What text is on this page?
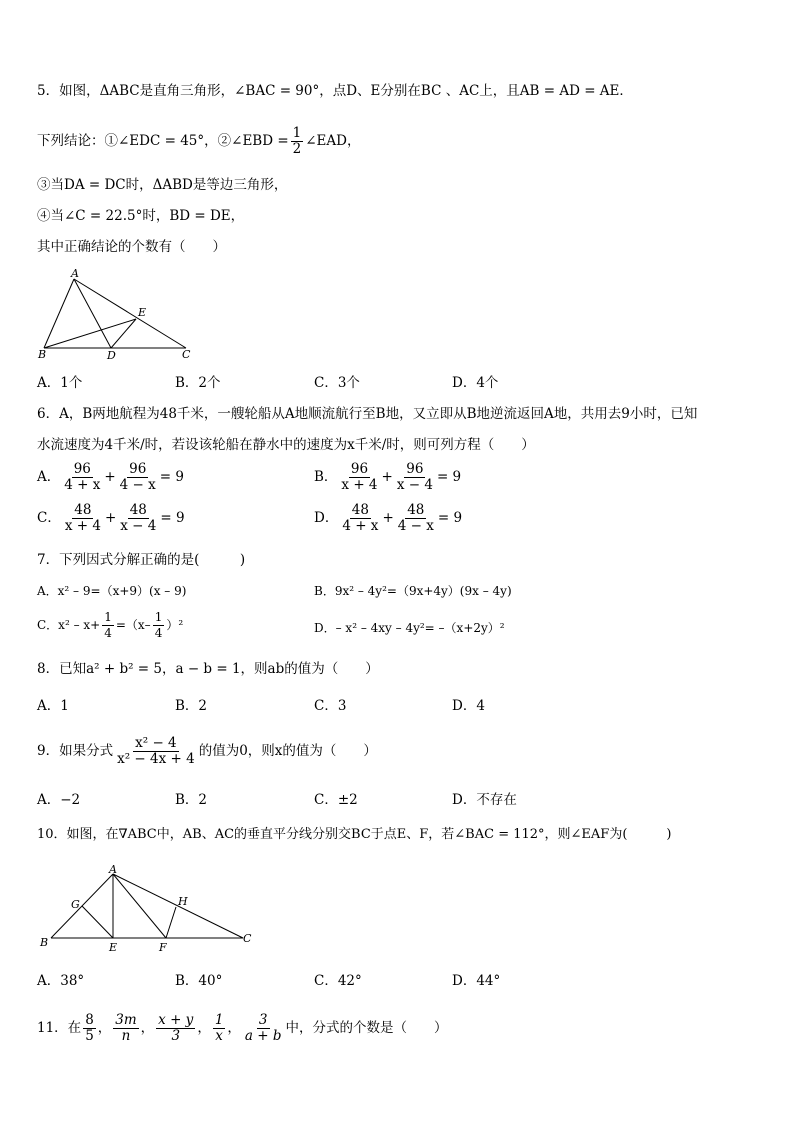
5．如图，ΔABC是直角三角形，∠BAC = 90°，点D、E分别在BC 、AC上，且AB = AD = AE．
下列结论：①∠EDC = 45°，②∠EBD = $\frac{1}{2}$ ∠EAD，
③当DA = DC时，ΔABD是等边三角形，
④当∠C = 22.5°时，BD = DE，
其中正确结论的个数有（　　）
A
B	C
D
E
A．1个	B．2个	C．3个	D．4个
6．A，B两地航程为48千米，一艘轮船从A地顺流航行至B地，又立即从B地逆流返回A地，共用去9小时，已知
水流速度为4千米/时，若设该轮船在静水中的速度为x千米/时，则可列方程（　　）
A． $\frac{96}{4 + x} + \frac{96}{4 - x} = 9$	B． $\frac{96}{x + 4} + \frac{96}{x - 4} = 9$
C． $\frac{48}{x + 4} + \frac{48}{x - 4} = 9$	D． $\frac{48}{4 + x} + \frac{48}{4 - x} = 9$
7．下列因式分解正确的是(　　　)
A．x² – 9=（x+9）(x – 9)	B．9x² – 4y²=（9x+4y）(9x – 4y)
C．$x^2 - x+ \frac{1}{4} =(x- \frac{1}{4} )^2$	D．– x² – 4xy – 4y²= –（x+2y）²
8．已知a² + b² = 5，a − b = 1，则ab的值为（　　）
A．1	B．2	C．3	D．4
9．如果分式 $\frac{\text{x² − 4}}{\text{x² − 4x + 4}}$ 的值为0，则x的值为（　　）
A．−2	B．2	C．±2	D．不存在
10．如图，在∇ABC中，AB、AC的垂直平分线分别交BC于点E、F，若∠BAC = 112°，则∠EAF为(　　　)
A
B	C
E	F
G	H
A．38°	B．40°	C．42°	D．44°
11．在 $\frac{8}{5}$ ， $\frac{3m}{n}$ ， $\frac{x + y}{3}$ ， $\frac{1}{x}$ ， $\frac{3}{a + b}$ 中，分式的个数是（　　）
